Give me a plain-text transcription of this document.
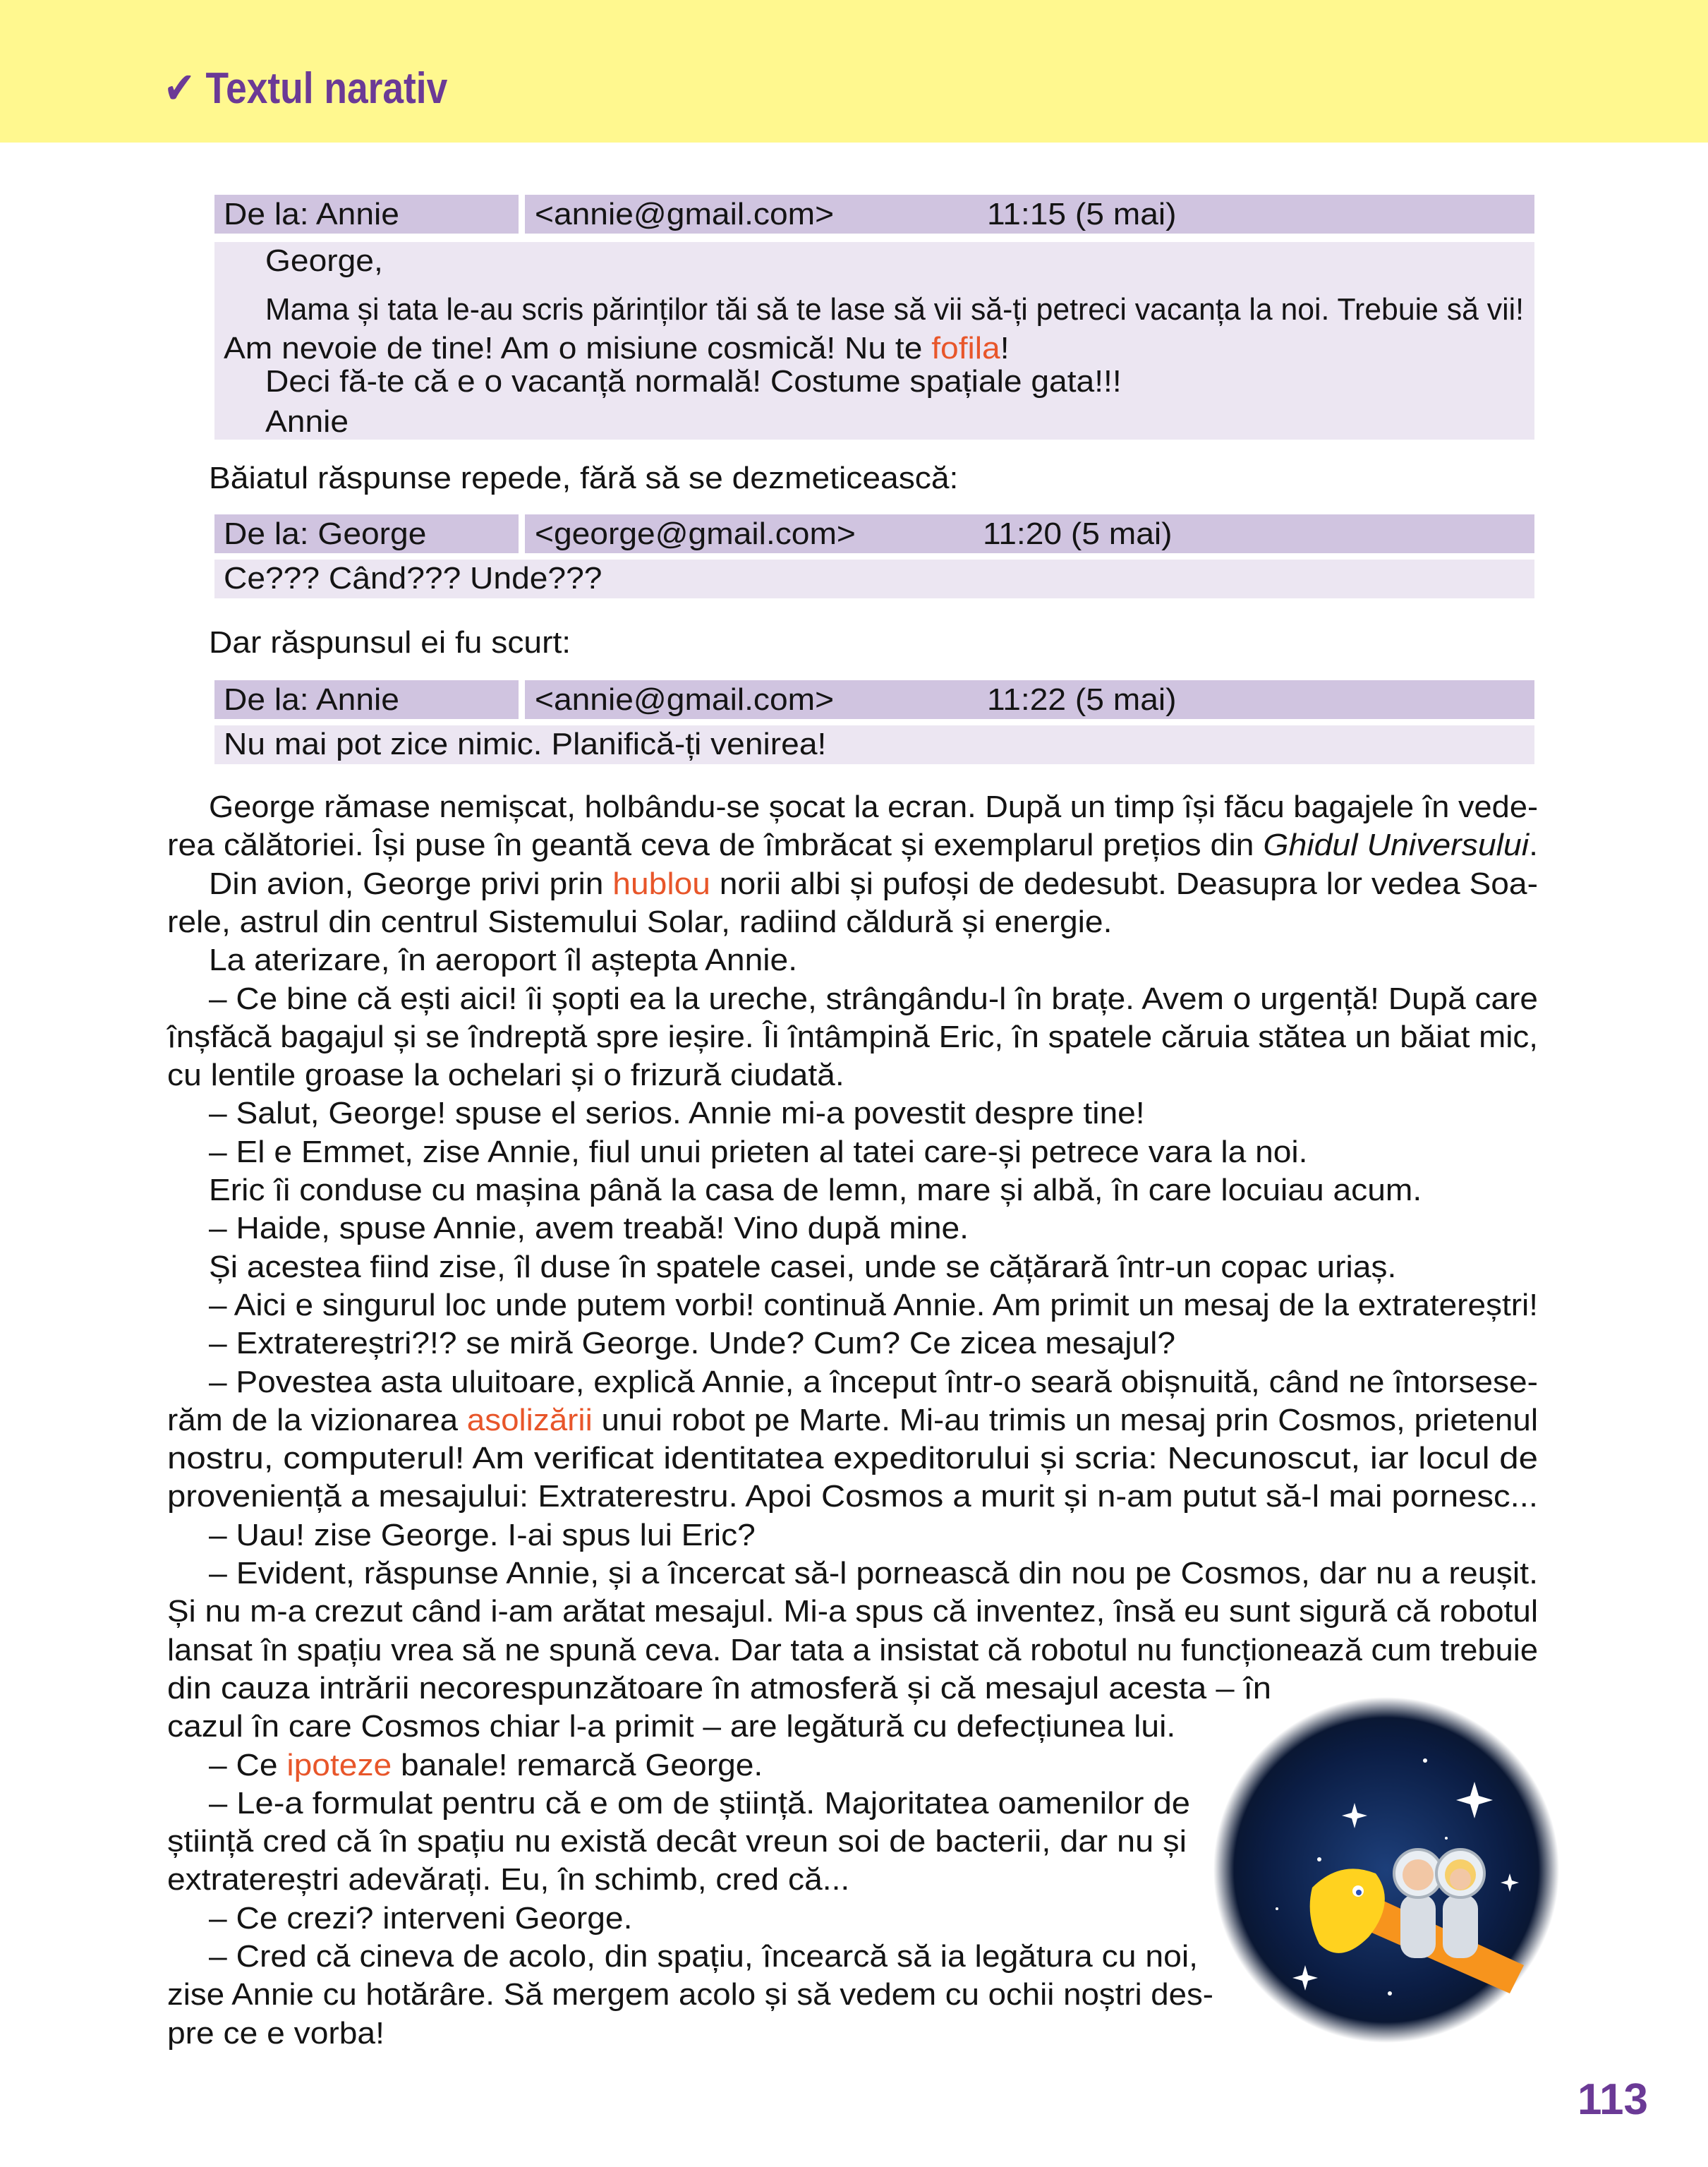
✔ Textul narativ
De la: Annie	<annie@gmail.com>	11:15 (5 mai)
George,
Mama și tata le-au scris părinților tăi să te lase să vii să-ți petreci vacanța la noi. Trebuie să vii!
Am nevoie de tine! Am o misiune cosmică! Nu te fofila!
Deci fă-te că e o vacanță normală! Costume spațiale gata!!!
Annie
De la: George	<george@gmail.com>	11:20 (5 mai)
Ce??? Când??? Unde???
De la: Annie	<annie@gmail.com>	11:22 (5 mai)
Nu mai pot zice nimic. Planifică-ți venirea!
Băiatul răspunse repede, fără să se dezmeticească:
Dar răspunsul ei fu scurt:
George rămase nemișcat, holbându-se șocat la ecran. După un timp își făcu bagajele în vede-
rea călătoriei. Își puse în geantă ceva de îmbrăcat și exemplarul prețios din Ghidul Universului.
Din avion, George privi prin hublou norii albi și pufoși de dedesubt. Deasupra lor vedea Soa-
rele, astrul din centrul Sistemului Solar, radiind căldură și energie.
La aterizare, în aeroport îl aștepta Annie.
– Ce bine că ești aici! îi șopti ea la ureche, strângându-l în brațe. Avem o urgență! După care
înșfăcă bagajul și se îndreptă spre ieșire. Îi întâmpină Eric, în spatele căruia stătea un băiat mic,
cu lentile groase la ochelari și o frizură ciudată.
– Salut, George! spuse el serios. Annie mi-a povestit despre tine!
– El e Emmet, zise Annie, fiul unui prieten al tatei care-și petrece vara la noi.
Eric îi conduse cu mașina până la casa de lemn, mare și albă, în care locuiau acum.
– Haide, spuse Annie, avem treabă! Vino după mine.
Și acestea fiind zise, îl duse în spatele casei, unde se cățărară într-un copac uriaș.
– Aici e singurul loc unde putem vorbi! continuă Annie. Am primit un mesaj de la extratereștri!
– Extratereștri?!? se miră George. Unde? Cum? Ce zicea mesajul?
– Povestea asta uluitoare, explică Annie, a început într-o seară obișnuită, când ne întorsese-
răm de la vizionarea asolizării unui robot pe Marte. Mi-au trimis un mesaj prin Cosmos, prietenul
nostru, computerul! Am verificat identitatea expeditorului și scria: Necunoscut, iar locul de
proveniență a mesajului: Extraterestru. Apoi Cosmos a murit și n-am putut să-l mai pornesc...
– Uau! zise George. I-ai spus lui Eric?
– Evident, răspunse Annie, și a încercat să-l pornească din nou pe Cosmos, dar nu a reușit.
Și nu m-a crezut când i-am arătat mesajul. Mi-a spus că inventez, însă eu sunt sigură că robotul
lansat în spațiu vrea să ne spună ceva. Dar tata a insistat că robotul nu funcționează cum trebuie
din cauza intrării necorespunzătoare în atmosferă și că mesajul acesta – în
cazul în care Cosmos chiar l-a primit – are legătură cu defecțiunea lui.
– Ce ipoteze banale! remarcă George.
– Le-a formulat pentru că e om de știință. Majoritatea oamenilor de
știință cred că în spațiu nu există decât vreun soi de bacterii, dar nu și
extratereștri adevărați. Eu, în schimb, cred că...
– Ce crezi? interveni George.
– Cred că cineva de acolo, din spațiu, încearcă să ia legătura cu noi,
zise Annie cu hotărâre. Să mergem acolo și să vedem cu ochii noștri des-
pre ce e vorba!
113
